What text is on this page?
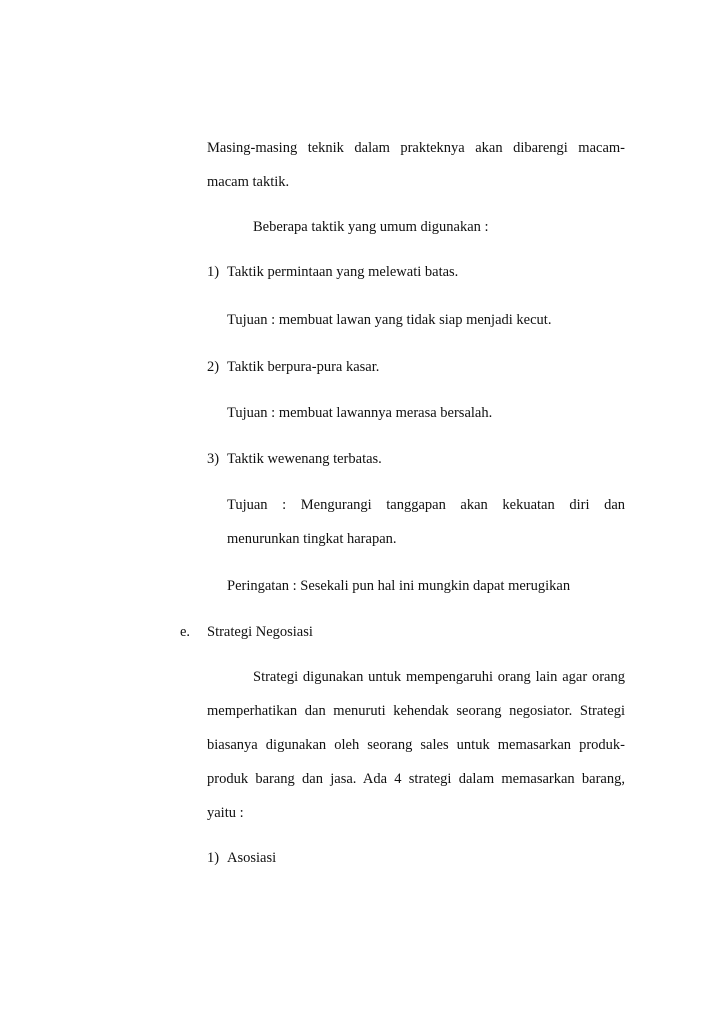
Masing-masing teknik dalam prakteknya akan dibarengi macam-
macam taktik.
Beberapa taktik yang umum digunakan :
1) Taktik permintaan yang melewati batas.
Tujuan : membuat lawan yang tidak siap menjadi kecut.
2) Taktik berpura-pura kasar.
Tujuan : membuat lawannya merasa bersalah.
3) Taktik wewenang terbatas.
Tujuan : Mengurangi tanggapan akan kekuatan diri dan
menurunkan tingkat harapan.
Peringatan : Sesekali pun hal ini mungkin dapat merugikan
e. Strategi Negosiasi
Strategi digunakan untuk mempengaruhi orang lain agar orang
memperhatikan dan menuruti kehendak seorang negosiator. Strategi
biasanya digunakan oleh seorang sales untuk memasarkan produk-
produk barang dan jasa. Ada 4 strategi dalam memasarkan barang,
yaitu :
1) Asosiasi
